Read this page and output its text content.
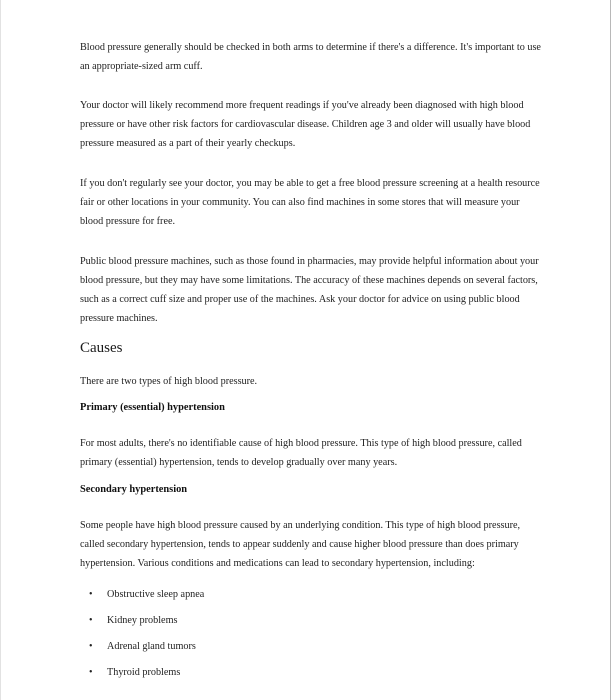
Blood pressure generally should be checked in both arms to determine if there's a difference. It's important to use an appropriate-sized arm cuff.

Your doctor will likely recommend more frequent readings if you've already been diagnosed with high blood pressure or have other risk factors for cardiovascular disease. Children age 3 and older will usually have blood pressure measured as a part of their yearly checkups.

If you don't regularly see your doctor, you may be able to get a free blood pressure screening at a health resource fair or other locations in your community. You can also find machines in some stores that will measure your blood pressure for free.

Public blood pressure machines, such as those found in pharmacies, may provide helpful information about your blood pressure, but they may have some limitations. The accuracy of these machines depends on several factors, such as a correct cuff size and proper use of the machines. Ask your doctor for advice on using public blood pressure machines.

Causes

There are two types of high blood pressure.

Primary (essential) hypertension

For most adults, there's no identifiable cause of high blood pressure. This type of high blood pressure, called primary (essential) hypertension, tends to develop gradually over many years.

Secondary hypertension

Some people have high blood pressure caused by an underlying condition. This type of high blood pressure, called secondary hypertension, tends to appear suddenly and cause higher blood pressure than does primary hypertension. Various conditions and medications can lead to secondary hypertension, including:

• Obstructive sleep apnea
• Kidney problems
• Adrenal gland tumors
• Thyroid problems
